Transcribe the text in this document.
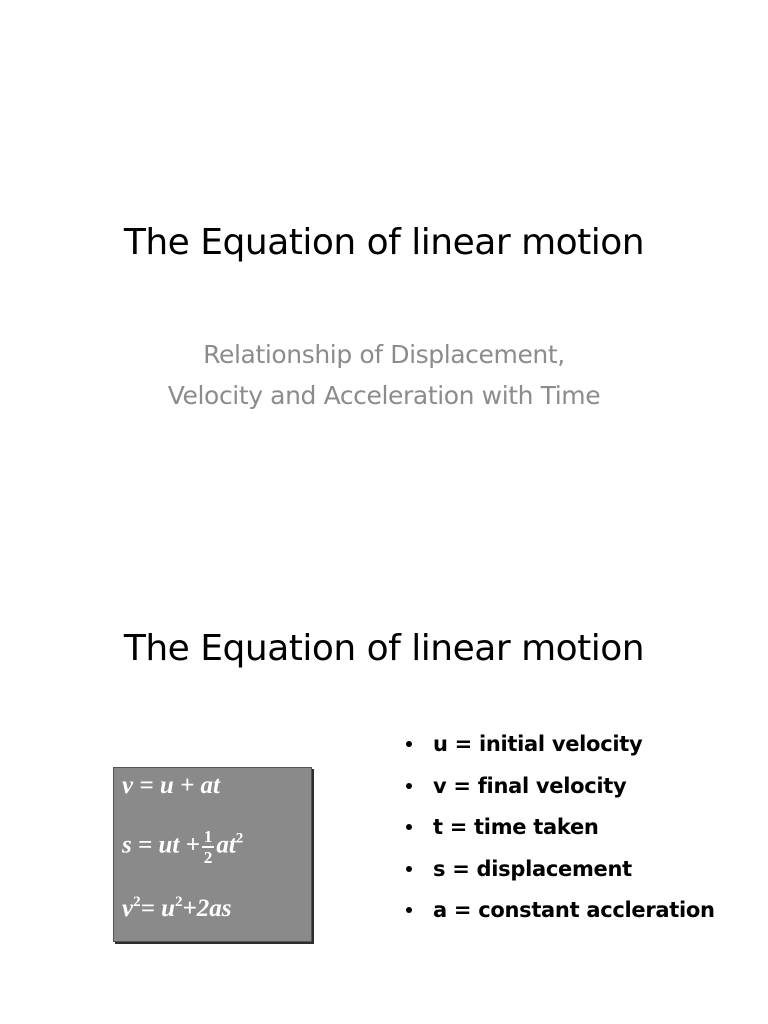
The Equation of linear motion
Relationship of Displacement,
Velocity and Acceleration with Time
The Equation of linear motion
v = u + at
s = ut + $\frac{1}{2} at^2$
$v^2= u^2+2as$
u = initial velocity
v = final velocity
t = time taken
s = displacement
a = constant accleration
